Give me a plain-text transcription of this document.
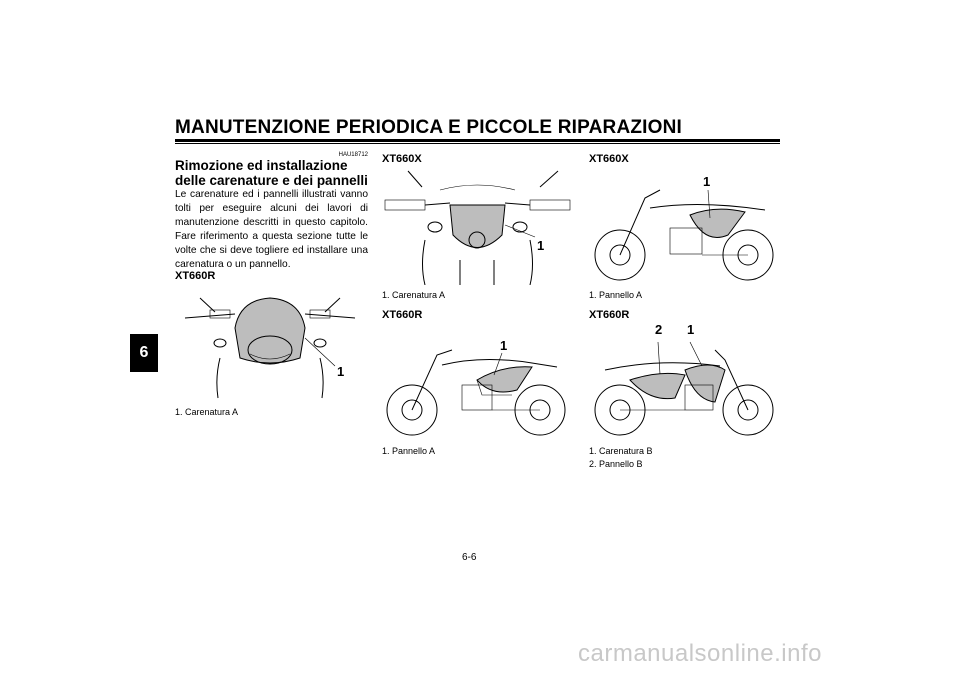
MANUTENZIONE PERIODICA E PICCOLE RIPARAZIONI
6
HAU18712
Rimozione ed installazione delle carenature e dei pannelli
Le carenature ed i pannelli illustrati vanno tolti per eseguire alcuni dei lavori di manutenzione descritti in questo capitolo. Fare riferimento a questa sezione tutte le volte che si deve togliere ed installare una carenatura o un pannello.
XT660R
1
1. Carenatura A
XT660X
1
1. Carenatura A
XT660R
1
1. Pannello A
XT660X
1
1. Pannello A
XT660R
2 1
1. Carenatura B
2. Pannello B
6-6
carmanualsonline.info
